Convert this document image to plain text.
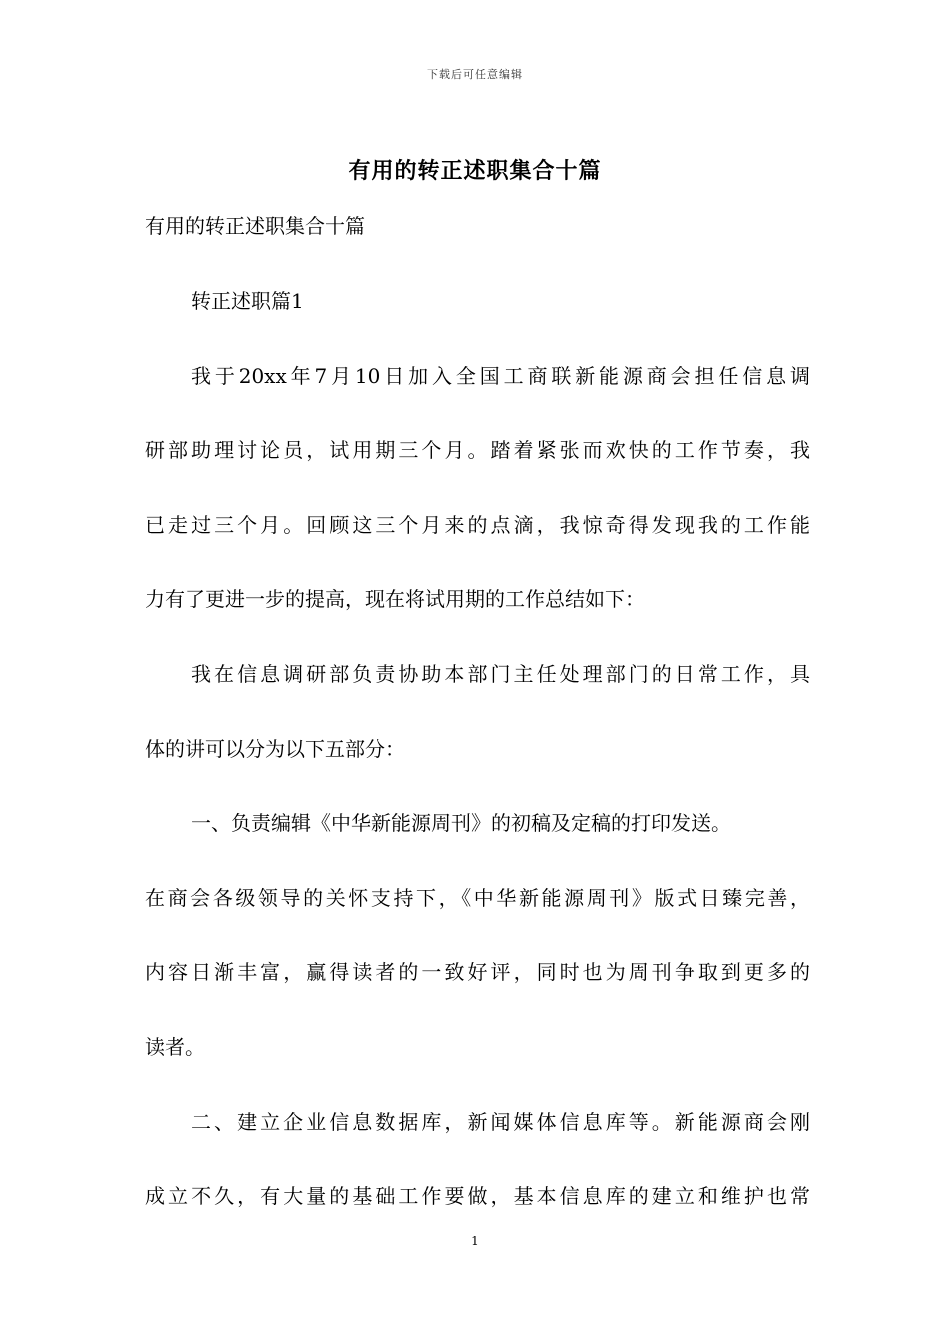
下载后可任意编辑
有用的转正述职集合十篇
有用的转正述职集合十篇
转正述职篇1
我于20xx年7月10日加入全国工商联新能源商会担任信息调
研部助理讨论员，试用期三个月。踏着紧张而欢快的工作节奏，我
已走过三个月。回顾这三个月来的点滴，我惊奇得发现我的工作能
力有了更进一步的提高，现在将试用期的工作总结如下：
我在信息调研部负责协助本部门主任处理部门的日常工作，具
体的讲可以分为以下五部分：
一、负责编辑《中华新能源周刊》的初稿及定稿的打印发送。
在商会各级领导的关怀支持下，《中华新能源周刊》版式日臻完善，
内容日渐丰富，赢得读者的一致好评，同时也为周刊争取到更多的
读者。
二、建立企业信息数据库，新闻媒体信息库等。新能源商会刚
成立不久，有大量的基础工作要做，基本信息库的建立和维护也常
1
